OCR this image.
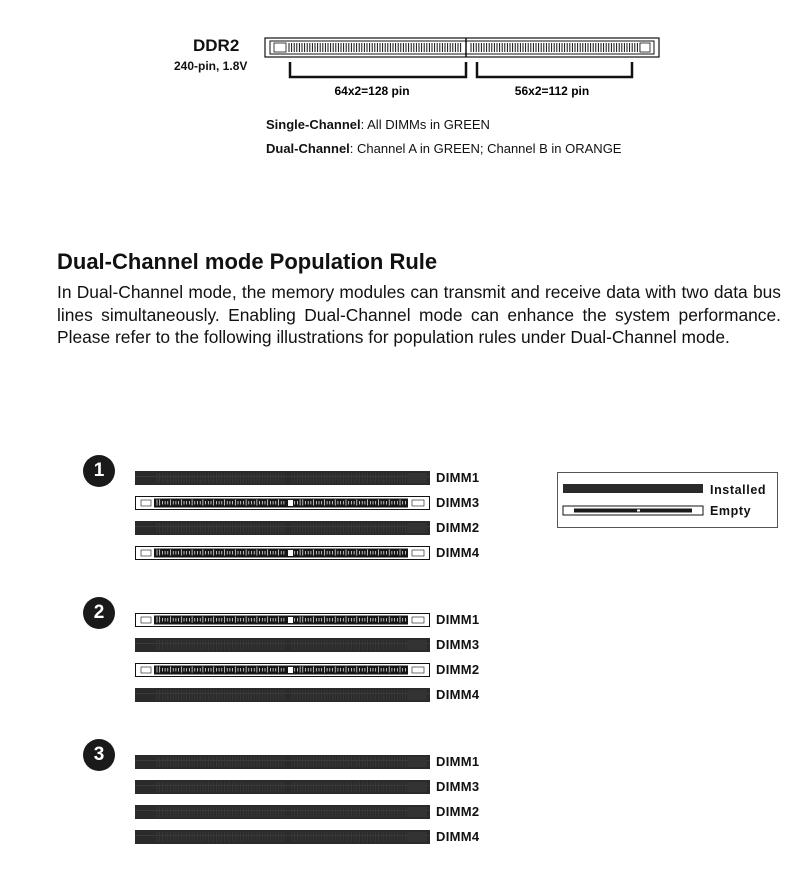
DDR2
240-pin, 1.8V
64x2=128 pin	56x2=112 pin
Single-Channel: All DIMMs in GREEN
Dual-Channel: Channel A in GREEN; Channel B in ORANGE
Dual-Channel mode Population Rule
In Dual-Channel mode, the memory modules can transmit and receive data with two data bus lines simultaneously. Enabling Dual-Channel mode can enhance the system performance. Please refer to the following illustrations for population rules under Dual-Channel mode.
Installed
Empty
1	DIMM1
DIMM3
DIMM2
DIMM4
2	DIMM1
DIMM3
DIMM2
DIMM4
3	DIMM1
DIMM3
DIMM2
DIMM4
